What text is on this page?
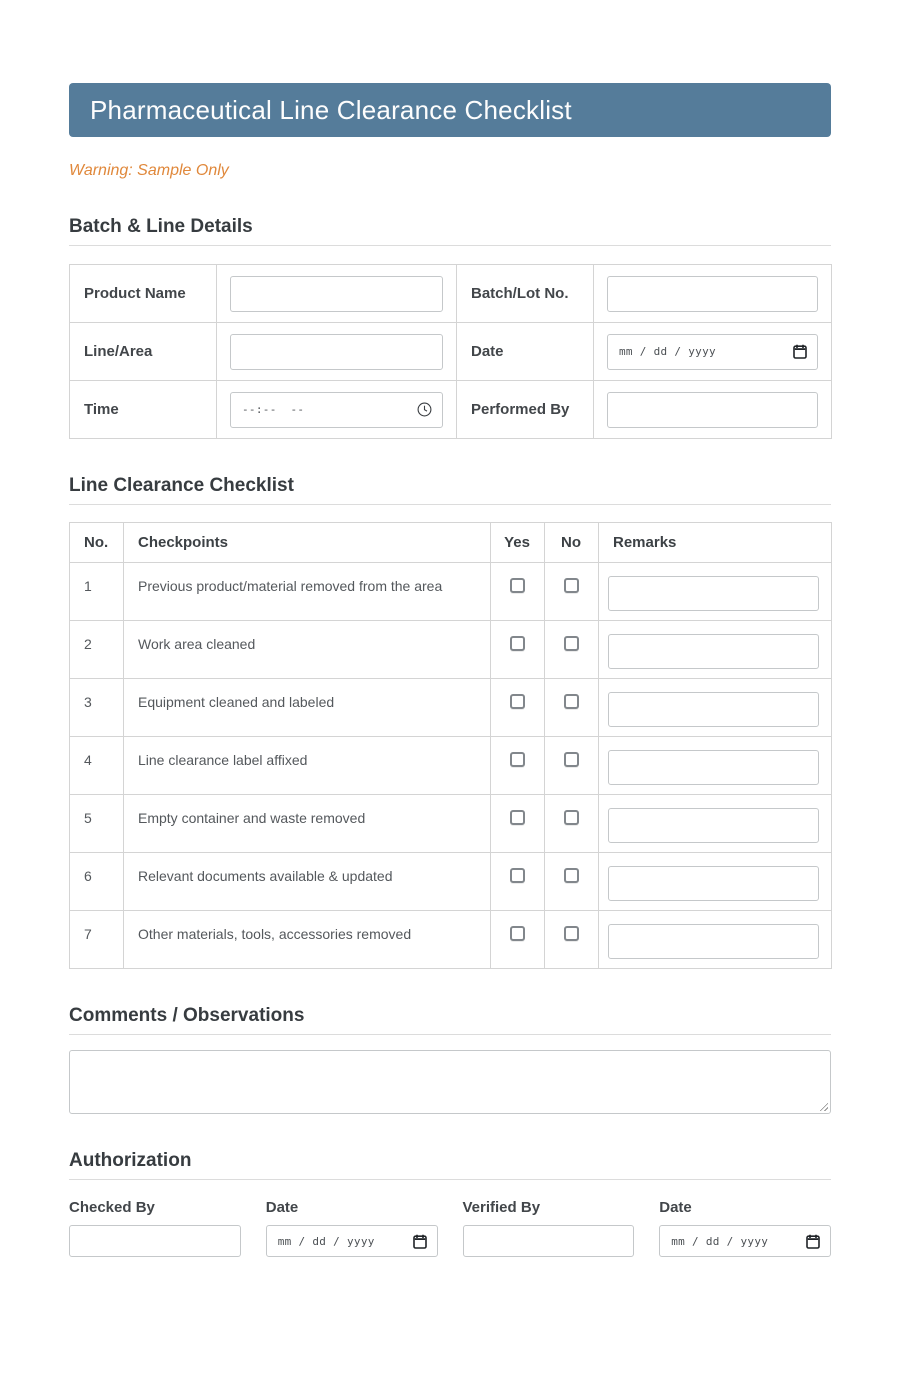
Pharmaceutical Line Clearance Checklist
Warning: Sample Only
Batch & Line Details
Product Name		Batch/Lot No.	
Line/Area		Date	mm / dd / yyyy

Time	--:--  --	Performed By	
Line Clearance Checklist
No.	Checkpoints	Yes	No	Remarks
1	Previous product/material removed from the area			
2	Work area cleaned			
3	Equipment cleaned and labeled			
4	Line clearance label affixed			
5	Empty container and waste removed			
6	Relevant documents available & updated			
7	Other materials, tools, accessories removed			
Comments / Observations
Authorization
Checked By	Date
mm / dd / yyyy
Verified By	Date
mm / dd / yyyy
